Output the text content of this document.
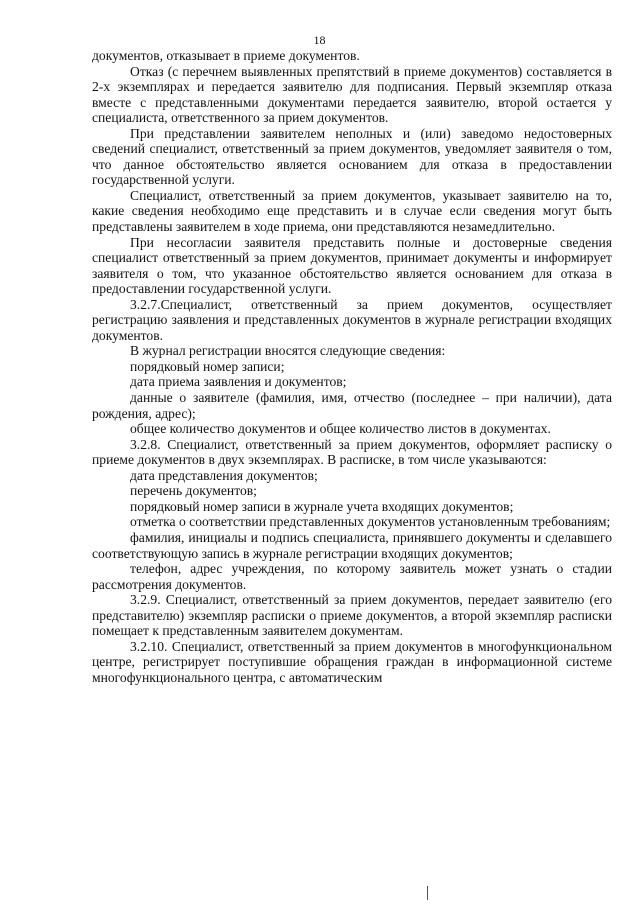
18

документов, отказывает в приеме документов.

Отказ (с перечнем выявленных препятствий в приеме документов) составляется в 2-х экземплярах и передается заявителю для подписания. Первый экземпляр отказа вместе с представленными документами передается заявителю, второй остается у специалиста, ответственного за прием документов.

При представлении заявителем неполных и (или) заведомо недостоверных сведений специалист, ответственный за прием документов, уведомляет заявителя о том, что данное обстоятельство является основанием для отказа в предоставлении государственной услуги.

Специалист, ответственный за прием документов, указывает заявителю на то, какие сведения необходимо еще представить и в случае если сведения могут быть представлены заявителем в ходе приема, они представляются незамедлительно.

При несогласии заявителя представить полные и достоверные сведения специалист ответственный за прием документов, принимает документы и информирует заявителя о том, что указанное обстоятельство является основанием для отказа в предоставлении государственной услуги.

3.2.7.Специалист, ответственный за прием документов, осуществляет регистрацию заявления и представленных документов в журнале регистрации входящих документов.

В журнал регистрации вносятся следующие сведения:

порядковый номер записи;

дата приема заявления и документов;

данные о заявителе (фамилия, имя, отчество (последнее – при наличии), дата рождения, адрес);

общее количество документов и общее количество листов в документах.

3.2.8. Специалист, ответственный за прием документов, оформляет расписку о приеме документов в двух экземплярах. В расписке, в том числе указываются:

дата представления документов;

перечень документов;

порядковый номер записи в журнале учета входящих документов;

отметка о соответствии представленных документов установленным требованиям;

фамилия, инициалы и подпись специалиста, принявшего документы и сделавшего соответствующую запись в журнале регистрации входящих документов;

телефон, адрес учреждения, по которому заявитель может узнать о стадии рассмотрения документов.

3.2.9. Специалист, ответственный за прием документов, передает заявителю (его представителю) экземпляр расписки о приеме документов, а второй экземпляр расписки помещает к представленным заявителем документам.

3.2.10. Специалист, ответственный за прием документов в многофункциональном центре, регистрирует поступившие обращения граждан в информационной системе многофункционального центра, с автоматическим
